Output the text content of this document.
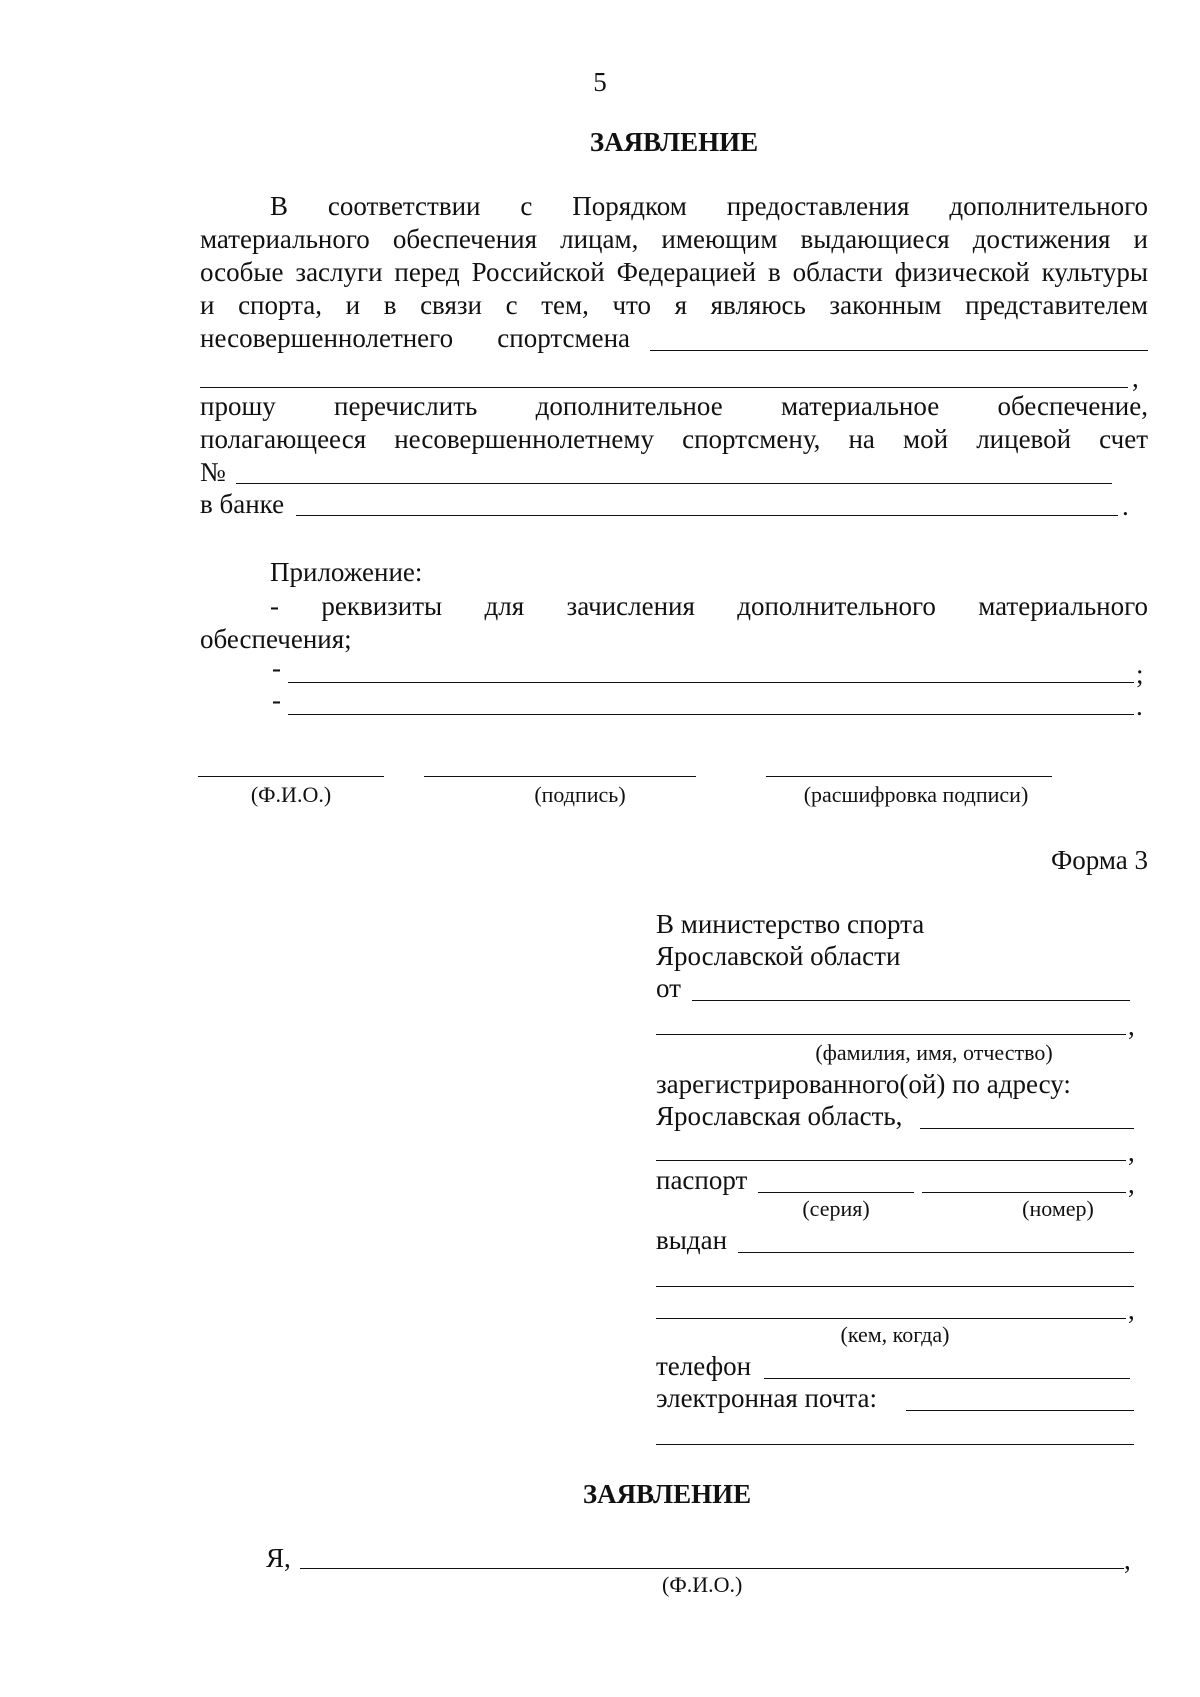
5
ЗАЯВЛЕНИЕ
В соответствии с Порядком предоставления дополнительного
материального обеспечения лицам, имеющим выдающиеся достижения и
особые заслуги перед Российской Федерацией в области физической культуры
и спорта, и в связи с тем, что я являюсь законным представителем
несовершеннолетнего спортсмена
,
прошу перечислить дополнительное материальное обеспечение,
полагающееся несовершеннолетнему спортсмену, на мой лицевой счет
№
в банке	.
Приложение:
- реквизиты для зачисления дополнительного материального
обеспечения;
-	;
-	.
(Ф.И.О.)	(подпись)	(расшифровка подписи)
Форма 3
В министерство спорта
Ярославской области
от
,
(фамилия, имя, отчество)
зарегистрированного(ой) по адресу:
Ярославская область,
,
паспорт	,
(серия)	(номер)
выдан
,
(кем, когда)
телефон
электронная почта:
ЗАЯВЛЕНИЕ
Я,	,
(Ф.И.О.)
